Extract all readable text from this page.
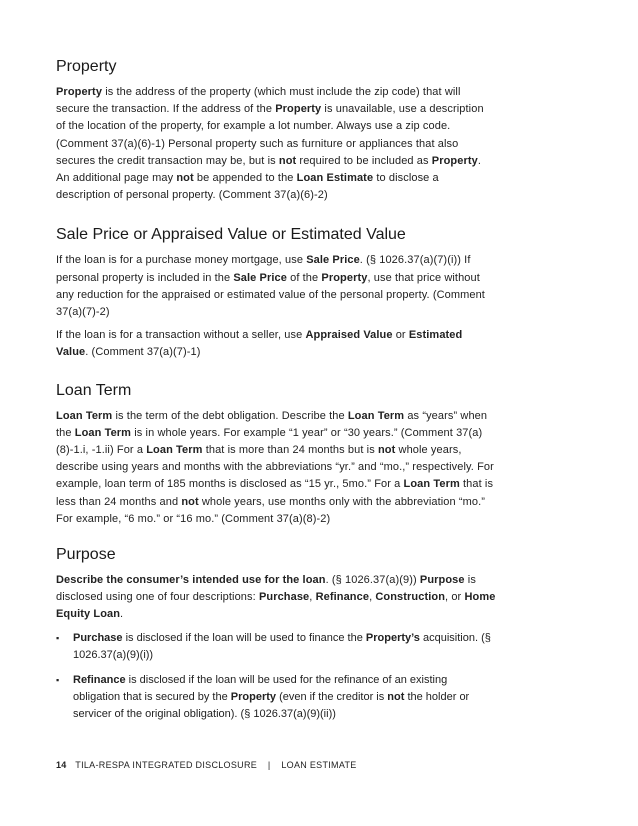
Property

Property is the address of the property (which must include the zip code) that will secure the transaction. If the address of the Property is unavailable, use a description of the location of the property, for example a lot number. Always use a zip code. (Comment 37(a)(6)-1) Personal property such as furniture or appliances that also secures the credit transaction may be, but is not required to be included as Property. An additional page may not be appended to the Loan Estimate to disclose a description of personal property. (Comment 37(a)(6)-2)

Sale Price or Appraised Value or Estimated Value

If the loan is for a purchase money mortgage, use Sale Price. (§ 1026.37(a)(7)(i)) If personal property is included in the Sale Price of the Property, use that price without any reduction for the appraised or estimated value of the personal property. (Comment 37(a)(7)-2)

If the loan is for a transaction without a seller, use Appraised Value or Estimated Value. (Comment 37(a)(7)-1)

Loan Term

Loan Term is the term of the debt obligation. Describe the Loan Term as “years” when the Loan Term is in whole years. For example “1 year” or “30 years.” (Comment 37(a)(8)-1.i, -1.ii) For a Loan Term that is more than 24 months but is not whole years, describe using years and months with the abbreviations “yr.” and “mo.,” respectively. For example, loan term of 185 months is disclosed as “15 yr., 5mo.” For a Loan Term that is less than 24 months and not whole years, use months only with the abbreviation “mo.” For example, “6 mo.” or “16 mo.” (Comment 37(a)(8)-2)

Purpose

Describe the consumer’s intended use for the loan. (§ 1026.37(a)(9)) Purpose is disclosed using one of four descriptions: Purchase, Refinance, Construction, or Home Equity Loan.

▪ Purchase is disclosed if the loan will be used to finance the Property’s acquisition. (§ 1026.37(a)(9)(i))
▪ Refinance is disclosed if the loan will be used for the refinance of an existing obligation that is secured by the Property (even if the creditor is not the holder or servicer of the original obligation). (§ 1026.37(a)(9)(ii))
14 TILA-RESPA INTEGRATED DISCLOSURE | LOAN ESTIMATE
